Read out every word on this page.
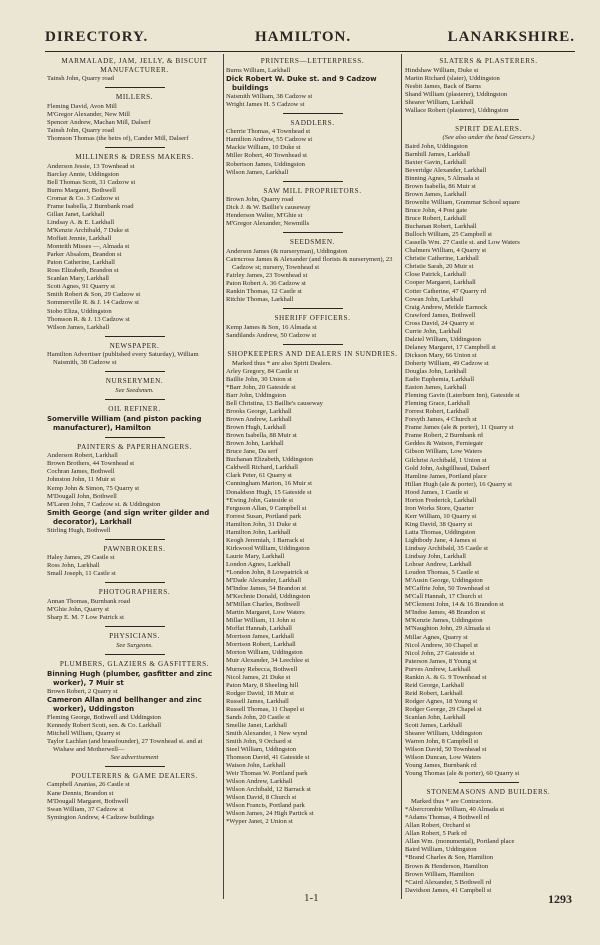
DIRECTORY.	HAMILTON.	LANARKSHIRE.
MARMALADE, JAM, JELLY, & BISCUIT MANUFACTURER.
Tainsh John, Quarry road
MILLERS.
Fleming David, Avon Mill
M'Gregor Alexander, New Mill
Spencer Andrew, Machan Mill, Dalserf
Tainsh John, Quarry road
Thomson Thomas (the heirs of), Cander Mill, Dalserf
MILLINERS & DRESS MAKERS.
Anderson Jessie, 13 Townhead st
Barclay Annie, Uddingston
Bell Thomas Scott, 31 Cadzow st
Burns Margaret, Bothwell
Cromar & Co. 3 Cadzow st
Frame Isabella, 2 Burnbank road
Gillan Janet, Larkhall
Lindsay A. & E. Larkhall
M'Kenzie Archibald, 7 Duke st
Moffatt Jennie, Larkhall
Monteith Misses —, Almada st
Parker Absalom, Brandon st
Paton Catherine, Larkhall
Ross Elizabeth, Brandon st
Scanlan Mary, Larkhall
Scott Agnes, 91 Quarry st
Smith Robert & Son, 29 Cadzow st
Sommerville R. & J. 14 Cadzow st
Stobo Eliza, Uddingston
Thomson R. & J. 13 Cadzow st
Wilson James, Larkhall
NEWSPAPER.
Hamilton Advertiser (published every Saturday), William Naismith, 38 Cadzow st
NURSERYMEN.
See Seedsmen.
OIL REFINER.
Somerville William (and piston packing manufacturer), Hamilton
PAINTERS & PAPERHANGERS.
Anderson Robert, Larkhall
Brown Brothers, 44 Townhead st
Cochran James, Bothwell
Johnston John, 11 Muir st
Kemp John & Simon, 75 Quarry st
M'Dougall John, Bothwell
M'Laren John, 7 Cadzow st. & Uddingston
Smith George (and sign writer gilder and decorator), Larkhall
Stirling Hugh, Bothwell
PAWNBROKERS.
Haley James, 29 Castle st
Ross John, Larkhall
Small Joseph, 11 Castle st
PHOTOGRAPHERS.
Annan Thomas, Burnbank road
M'Ghie John, Quarry st
Sharp E. M. 7 Low Patrick st
PHYSICIANS.
See Surgeons.
PLUMBERS, GLAZIERS & GASFITTERS.
Binning Hugh (plumber, gasfitter and zinc worker), 7 Muir st
Brown Robert, 2 Quarry st
Cameron Allan and bellhanger and zinc worker), Uddingston
Fleming George, Bothwell and Uddingston
Kennedy Robert Scott, sen. & Co. Larkhall
Mitchell William, Quarry st
Taylor Lachlan (and brassfounder), 27 Townhead st. and at Wishaw and Motherwell—
See advertisement
POULTERERS & GAME DEALERS.
Campbell Ananias, 26 Castle st
Kane Dennis, Brandon st
M'Dougall Margaret, Bothwell
Swan William, 37 Cadzow st
Symington Andrew, 4 Cadzow buildings
PRINTERS—LETTERPRESS.
Burns William, Larkhall
Dick Robert W. Duke st. and 9 Cadzow buildings
Naismith William, 38 Cadzow st
Wright James H. 5 Cadzow st
SADDLERS.
Cherrie Thomas, 4 Townhead st
Hamilton Andrew, 55 Cadzow st
Mackie William, 10 Duke st
Miller Robert, 40 Townhead st
Robertson James, Uddingston
Wilson James, Larkhall
SAW MILL PROPRIETORS.
Brown John, Quarry road
Dick J. & W. Baillie's causeway
Henderson Walter, M'Ghie st
M'Gregor Alexander, Newmills
SEEDSMEN.
Anderson James (& nurseryman), Uddingston
Cairncross James & Alexander (and florists & nurserymen), 23 Cadzow st; nursery, Townhead st
Fairley James, 23 Townhead st
Paton Robert A. 36 Cadzow st
Rankin Thomas, 12 Castle st
Ritchie Thomas, Larkhall
SHERIFF OFFICERS.
Kemp James & Son, 16 Almada st
Sandilands Andrew, 50 Cadzow st
SHOPKEEPERS AND DEALERS IN SUNDRIES.
Marked thus * are also Spirit Dealers.
Arley Gregory, 84 Castle st
Baillie John, 30 Union st
*Barr John, 20 Gateside st
Barr John, Uddingston
Bell Christina, 13 Baillie's causeway
Brooks George, Larkhall
Brown Andrew, Larkhall
Brown Hugh, Larkhall
Brown Isabella, 88 Muir st
Brown John, Larkhall
Bruce Jane, Da serf
Buchanan Elizabeth, Uddingston
Caldwell Richard, Larkhall
Clark Peter, 61 Quarry st
Cunningham Marion, 16 Muir st
Donaldson Hugh, 15 Gateside st
*Ewing John, Gateside st
Ferguson Allan, 9 Campbell st
Forrest Susan, Portland park
Hamilton John, 31 Duke st
Hamilton John, Larkhall
Keogh Jeremiah, 1 Barrack st
Kirkwood William, Uddingston
Laurie Mary, Larkhall
London Agnes, Larkhall
*London John, 8 Lowpatrick st
M'Dade Alexander, Larkhall
M'Indoe James, 54 Brandon st
M'Kechnie Donald, Uddingston
M'Millan Charles, Bothwell
Martin Margaret, Low Waters
Millar William, 11 John st
Moffat Hannah, Larkhall
Morrison James, Larkhall
Morrison Robert, Larkhall
Morton William, Uddingston
Muir Alexander, 34 Leechlee st
Murray Rebecca, Bothwell
Nicol James, 21 Duke st
Paton Mary, 8 Sheeling hill
Rodger David, 18 Muir st
Russell James, Larkhall
Russell Thomas, 11 Chapel st
Sands John, 20 Castle st
Smellie Janet, Larkhall
Smith Alexander, 1 New wynd
Smith John, 9 Orchard st
Steel William, Uddingston
Thomson David, 41 Gateside st
Watson John, Larkhall
Weir Thomas W. Portland park
Wilson Andrew, Larkhall
Wilson Archibald, 12 Barrack st
Wilson David, 8 Church st
Wilson Francis, Portland park
Wilson James, 24 High Partick st
*Wyper Janet, 2 Union st
SLATERS & PLASTERERS.
Hindshaw William, Duke st
Martin Richard (slater), Uddingston
Nesbit James, Back of Barns
Shand William (plasterer), Uddingston
Shearer William, Larkhall
Wallace Robert (plasterer), Uddingston
SPIRIT DEALERS.
(See also under the head Grocers.)
Baird John, Uddingston
Barnhill James, Larkhall
Baxter Gavin, Larkhall
Beveridge Alexander, Larkhall
Binning Agnes, 5 Almada st
Brown Isabella, 86 Muir st
Brown James, Larkhall
Brownlie William, Grammar School square
Bruce John, 4 Post gate
Bruce Robert, Larkhall
Buchanan Robert, Larkhall
Bulloch William, 25 Campbell st
Cassells Wm. 27 Castle st. and Low Waters
Chalmers William, 4 Quarry st
Christie Catherine, Larkhall
Christie Sarah, 20 Muir st
Close Patrick, Larkhall
Cooper Margaret, Larkhall
Cotter Catherine, 47 Quarry rd
Cowan John, Larkhall
Craig Andrew, Meikle Earnock
Crawford James, Bothwell
Cross David, 24 Quarry st
Currie John, Larkhall
Dalziel William, Uddingston
Delaney Margaret, 17 Campbell st
Dickson Mary, 66 Union st
Doherty William, 49 Cadzow st
Douglas John, Larkhall
Eadie Euphemia, Larkhall
Easton James, Larkhall
Fleming Gavin (Laterburn Inn), Gateside st
Fleming Grace, Larkhall
Forrest Robert, Larkhall
Forsyth James, 4 Church st
Frame James (ale & porter), 11 Quarry st
Frame Robert, 2 Burnbank rd
Geddes & Watson, Ferniegair
Gibson William, Low Waters
Gilchrist Archibald, 1 Union st
Gold John, Ashgillhead, Dalserf
Hamline James, Portland place
Hillan Hugh (ale & porter), 16 Quarry st
Hood James, 1 Castle st
Horton Frederick, Larkhall
Iron Works Store, Quarter
Kerr William, 10 Quarry st
King David, 38 Quarry st
Latta Thomas, Uddingston
Lightbody Jane, 4 James st
Lindsay Archibald, 35 Castle st
Lindsay John, Larkhall
Lohoar Andrew, Larkhall
Loudon Thomas, 5 Castle st
M'Ausin George, Uddingston
M'Caffrie John, 50 Townhead st
M'Call Hannah, 17 Church st
M'Clement John, 14 & 16 Brandon st
M'Indoe James, 48 Brandon st
M'Kenzie James, Uddingston
M'Naughton John, 29 Almada st
Millar Agnes, Quarry st
Nicol Andrew, 30 Chapel st
Nicol John, 27 Gateside st
Paterson James, 8 Young st
Purves Andrew, Larkhall
Rankin A. & G. 9 Townhead st
Reid George, Larkhall
Reid Robert, Larkhall
Rodger Agnes, 18 Young st
Rodger George, 29 Chapel st
Scanlan John, Larkhall
Scott James, Larkhall
Shearer William, Uddingston
Warren John, 8 Campbell st
Wilson David, 50 Townhead st
Wilson Duncan, Low Waters
Young James, Burnbank rd
Young Thomas (ale & porter), 60 Quarry st
STONEMASONS AND BUILDERS.
Marked thus * are Contractors.
*Abercrombie William, 40 Almada st
*Adams Thomas, 4 Bothwell rd
Allan Robert, Orchard st
Allan Robert, 5 Park rd
Allan Wm. (monumental), Portland place
Baird William, Uddingston
*Brand Charles & Son, Hamilton
Brown & Henderson, Hamilton
Brown William, Hamilton
*Caird Alexander, 5 Bothwell rd
Davidson James, 41 Campbell st
1-1	1293
